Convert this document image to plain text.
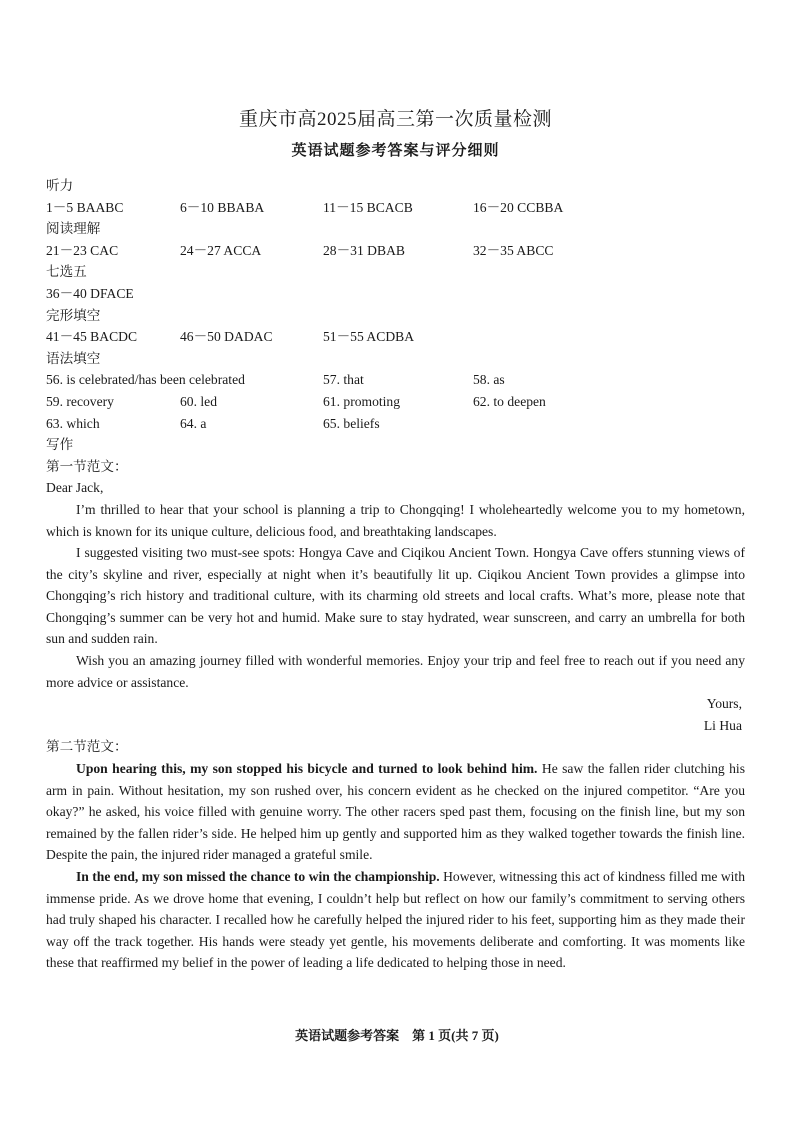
重庆市高2025届高三第一次质量检测
英语试题参考答案与评分细则
听力
1－5 BAABC	6－10 BBABA	11－15 BCACB	16－20 CCBBA
阅读理解
21－23 CAC	24－27 ACCA	28－31 DBAB	32－35 ABCC
七选五
36－40 DFACE
完形填空
41－45 BACDC	46－50 DADAC	51－55 ACDBA
语法填空
56. is celebrated/has been celebrated	57. that	58. as
59. recovery	60. led	61. promoting	62. to deepen
63. which	64. a	65. beliefs
写作
第一节范文：
Dear Jack,

I’m thrilled to hear that your school is planning a trip to Chongqing! I wholeheartedly welcome you to my hometown, which is known for its unique culture, delicious food, and breathtaking landscapes.

I suggested visiting two must-see spots: Hongya Cave and Ciqikou Ancient Town. Hongya Cave offers stunning views of the city’s skyline and river, especially at night when it’s beautifully lit up. Ciqikou Ancient Town provides a glimpse into Chongqing’s rich history and traditional culture, with its charming old streets and local crafts. What’s more, please note that Chongqing’s summer can be very hot and humid. Make sure to stay hydrated, wear sunscreen, and carry an umbrella for both sun and sudden rain.

Wish you an amazing journey filled with wonderful memories. Enjoy your trip and feel free to reach out if you need any more advice or assistance.

Yours,
Li Hua
第二节范文：

Upon hearing this, my son stopped his bicycle and turned to look behind him. He saw the fallen rider clutching his arm in pain. Without hesitation, my son rushed over, his concern evident as he checked on the injured competitor. “Are you okay?” he asked, his voice filled with genuine worry. The other racers sped past them, focusing on the finish line, but my son remained by the fallen rider’s side. He helped him up gently and supported him as they walked together towards the finish line. Despite the pain, the injured rider managed a grateful smile.

In the end, my son missed the chance to win the championship. However, witnessing this act of kindness filled me with immense pride. As we drove home that evening, I couldn’t help but reflect on how our family’s commitment to serving others had truly shaped his character. I recalled how he carefully helped the injured rider to his feet, supporting him as they made their way off the track together. His hands were steady yet gentle, his movements deliberate and comforting. It was moments like these that reaffirmed my belief in the power of leading a life dedicated to helping those in need.

英语试题参考答案　第 1 页(共 7 页)
